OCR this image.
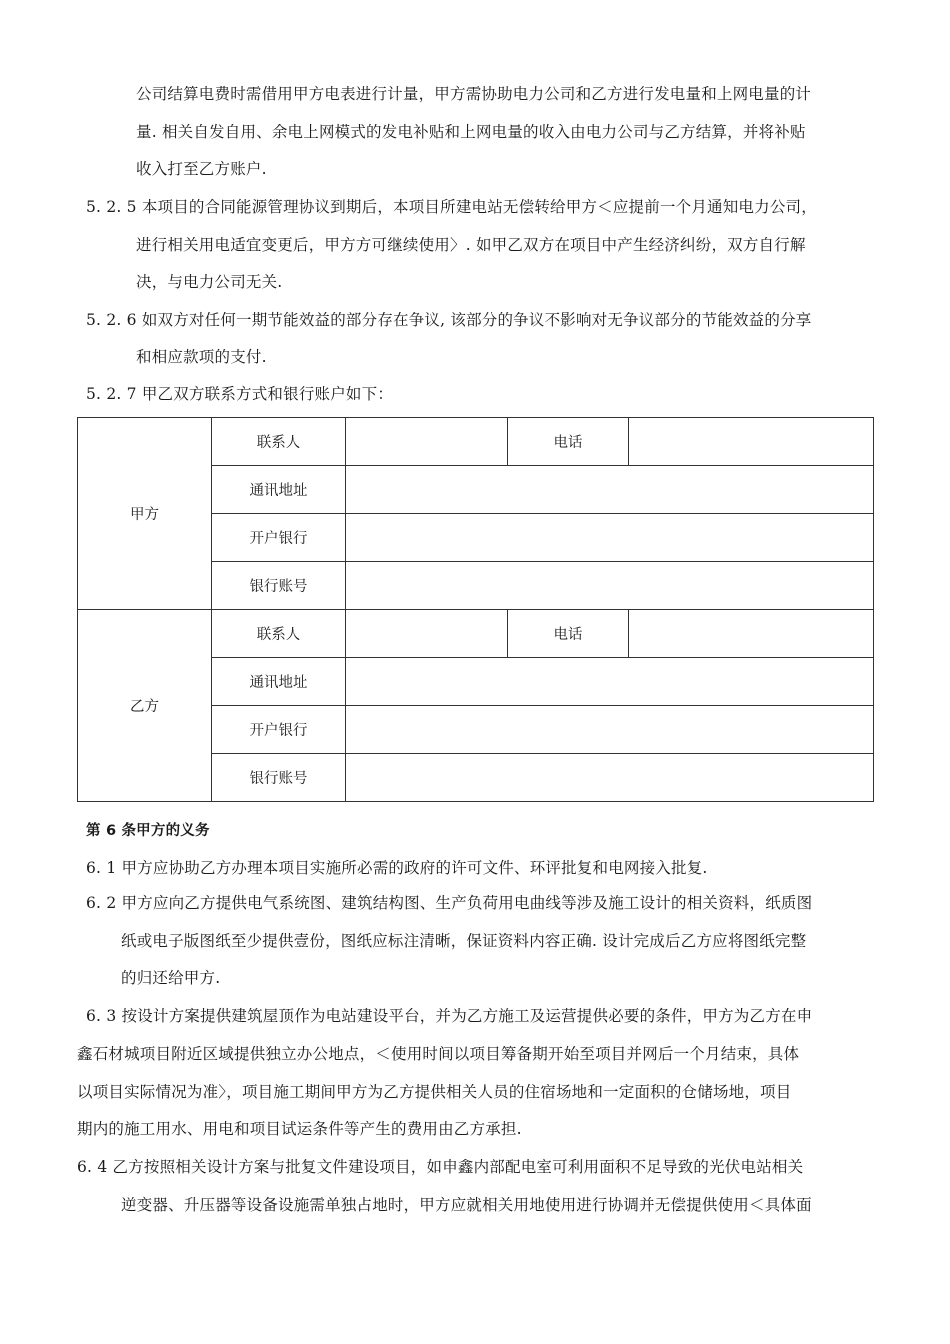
公司结算电费时需借用甲方电表进行计量，甲方需协助电力公司和乙方进行发电量和上网电量的计
量. 相关自发自用、余电上网模式的发电补贴和上网电量的收入由电力公司与乙方结算，并将补贴
收入打至乙方账户.
5. 2. 5 本项目的合同能源管理协议到期后，本项目所建电站无偿转给甲方＜应提前一个月通知电力公司，
进行相关用电适宜变更后，甲方方可继续使用〉. 如甲乙双方在项目中产生经济纠纷，双方自行解
决，与电力公司无关.
5. 2. 6 如双方对任何一期节能效益的部分存在争议, 该部分的争议不影响对无争议部分的节能效益的分享
和相应款项的支付.
5. 2. 7 甲乙双方联系方式和银行账户如下：
甲方	联系人		电话	
	通讯地址			
	开户银行			
	银行账号			
乙方	联系人		电话	
	通讯地址			
	开户银行			
	银行账号			
第 6 条甲方的义务
6. 1 甲方应协助乙方办理本项目实施所必需的政府的许可文件、环评批复和电网接入批复.
6. 2 甲方应向乙方提供电气系统图、建筑结构图、生产负荷用电曲线等涉及施工设计的相关资料，纸质图
纸或电子版图纸至少提供壹份，图纸应标注清晰，保证资料内容正确. 设计完成后乙方应将图纸完整
的归还给甲方.
6. 3 按设计方案提供建筑屋顶作为电站建设平台，并为乙方施工及运营提供必要的条件，甲方为乙方在申
鑫石材城项目附近区域提供独立办公地点，＜使用时间以项目筹备期开始至项目并网后一个月结束，具体
以项目实际情况为准〉，项目施工期间甲方为乙方提供相关人员的住宿场地和一定面积的仓储场地，项目
期内的施工用水、用电和项目试运条件等产生的费用由乙方承担.
6. 4 乙方按照相关设计方案与批复文件建设项目，如申鑫内部配电室可利用面积不足导致的光伏电站相关
逆变器、升压器等设备设施需单独占地时，甲方应就相关用地使用进行协调并无偿提供使用＜具体面
